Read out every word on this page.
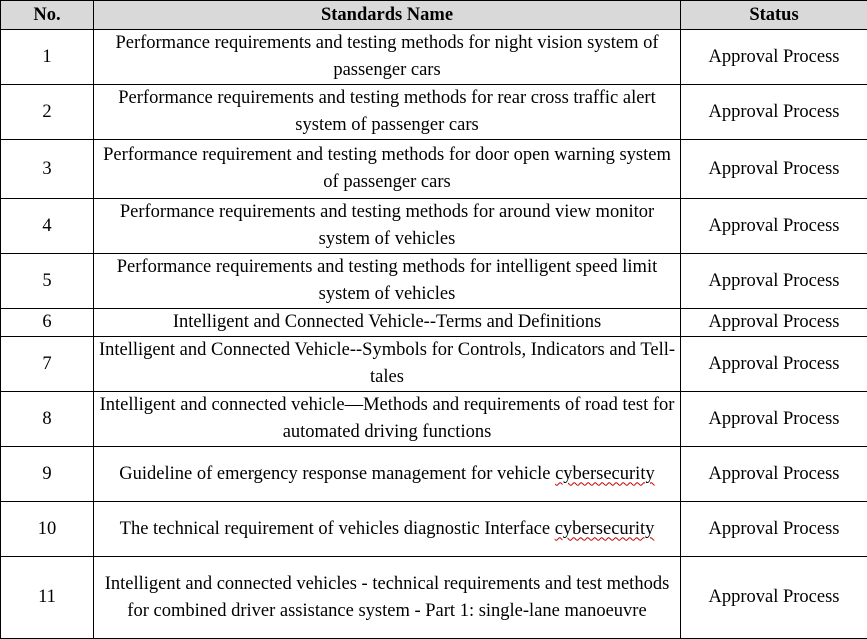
No.	Standards Name	Status
1	Performance requirements and testing methods for night vision system of passenger cars	Approval Process
2	Performance requirements and testing methods for rear cross traffic alert system of passenger cars	Approval Process
3	Performance requirement and testing methods for door open warning system of passenger cars	Approval Process
4	Performance requirements and testing methods for around view monitor system of vehicles	Approval Process
5	Performance requirements and testing methods for intelligent speed limit system of vehicles	Approval Process
6	Intelligent and Connected Vehicle--Terms and Definitions	Approval Process
7	Intelligent and Connected Vehicle--Symbols for Controls, Indicators and Tell-tales	Approval Process
8	Intelligent and connected vehicle—Methods and requirements of road test for automated driving functions	Approval Process
9	Guideline of emergency response management for vehicle cybersecurity	Approval Process
10	The technical requirement of vehicles diagnostic Interface cybersecurity	Approval Process
11	Intelligent and connected vehicles - technical requirements and test methods for combined driver assistance system - Part 1: single-lane manoeuvre	Approval Process
